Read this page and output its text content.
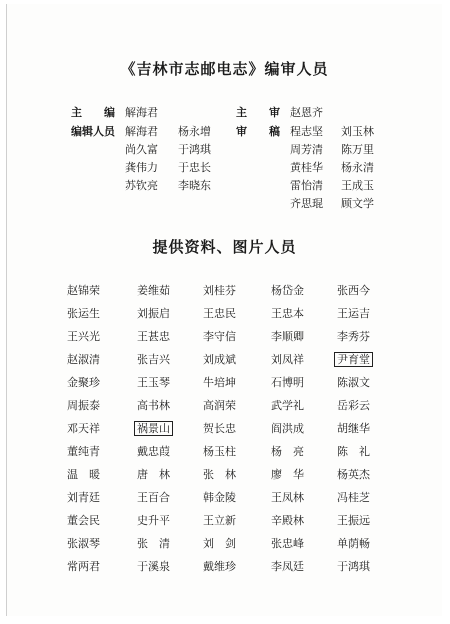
《吉林市志邮电志》编审人员
主　　编 解海君	主　　审 赵恩齐
编辑人员 解海君 杨永增
尚久富 于鸿琪
龚伟力 于忠长
苏钦亮 李晓东
审　　稿 程志坚 刘玉林
周芳清 陈万里
黄桂华 杨永清
雷怡清 王成玉
齐思琨 顾文学
提供资料、图片人员
赵锦荣
张运生
王兴光
赵淑清
金聚珍
周振泰
邓天祥
董纯青
温　暖
刘青廷
董会民
张淑琴
常两君
姜维茹
刘振启
王甚忠
张吉兴
王玉琴
高书林
祸景山
戴忠葭
唐　林
王百合
史升平
张　清
于溪泉
刘桂芬
王忠民
李守信
刘成斌
牛培坤
高润荣
贺长忠
杨玉柱
张　林
韩金陵
王立新
刘　剑
戴维珍
杨岱金
王忠本
李顺卿
刘凤祥
石博明
武学礼
阎洪成
杨　亮
廖　华
王凤林
辛殿林
张忠峰
李凤廷
张西今
王运吉
李秀芬
尹育堂
陈淑文
岳彩云
胡继华
陈　礼
杨英杰
冯桂芝
王振远
单荫畅
于鸿琪
